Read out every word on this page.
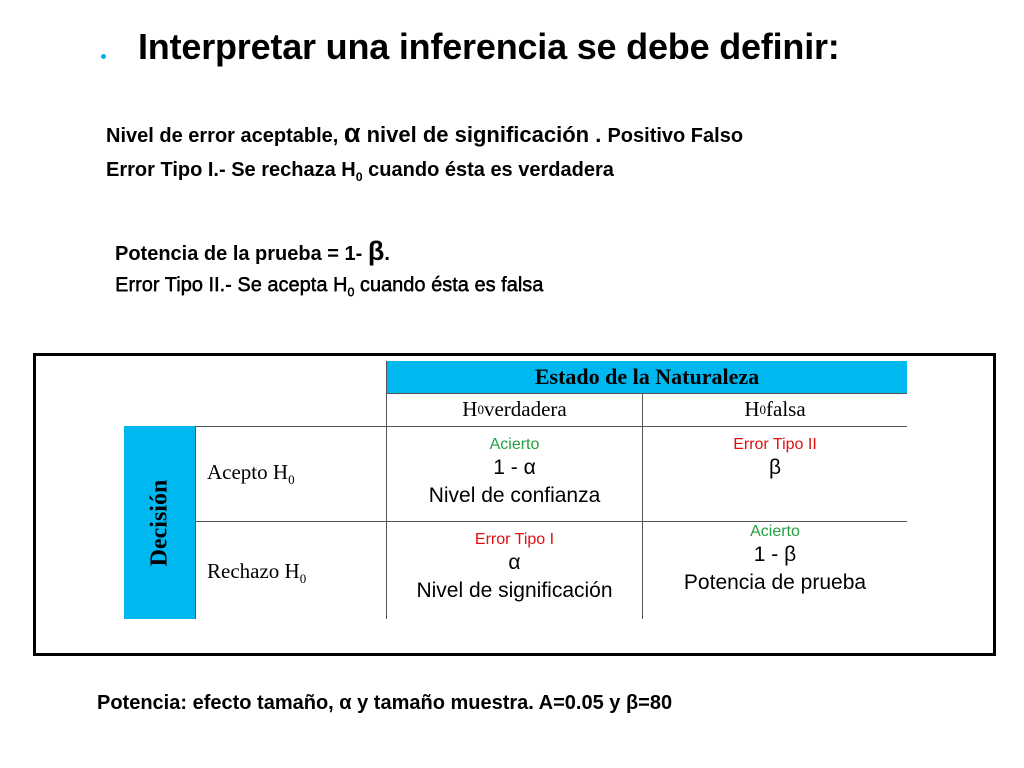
Interpretar una inferencia se debe definir:
Nivel de error aceptable, α nivel de significación . Positivo Falso
Error Tipo I.- Se rechaza $H_0$ cuando ésta es verdadera
Potencia de la prueba = 1- β.
Error Tipo II.- Se acepta $H_0$ cuando ésta es falsa
Estado de la Naturaleza
H 0 verdadera	H 0 falsa
Decisión
Acepto $H_0$
Rechazo $H_0$
Acierto
1 - α
Nivel de confianza
Error Tipo II
β
Error Tipo I
α
Nivel de significación
Acierto
1 - β
Potencia de prueba
Potencia: efecto tamaño, α y tamaño muestra. A=0.05 y β=80
